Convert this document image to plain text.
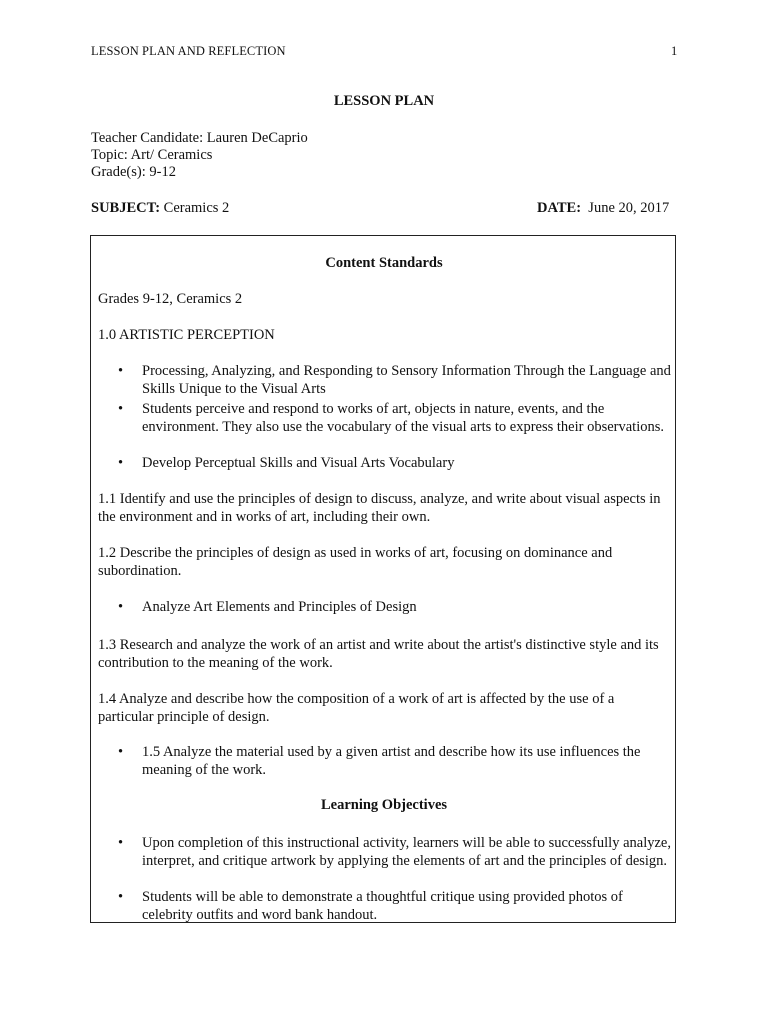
LESSON PLAN AND REFLECTION	1
LESSON PLAN
Teacher Candidate: Lauren DeCaprio
Topic: Art/ Ceramics
Grade(s): 9-12
SUBJECT: Ceramics 2	DATE:  June 20, 2017
Content Standards
Grades 9-12, Ceramics 2
1.0 ARTISTIC PERCEPTION
• Processing, Analyzing, and Responding to Sensory Information Through the Language and Skills Unique to the Visual Arts
• Students perceive and respond to works of art, objects in nature, events, and the environment. They also use the vocabulary of the visual arts to express their observations.
• Develop Perceptual Skills and Visual Arts Vocabulary
1.1 Identify and use the principles of design to discuss, analyze, and write about visual aspects in the environment and in works of art, including their own.
1.2 Describe the principles of design as used in works of art, focusing on dominance and subordination.
• Analyze Art Elements and Principles of Design
1.3 Research and analyze the work of an artist and write about the artist's distinctive style and its contribution to the meaning of the work.
1.4 Analyze and describe how the composition of a work of art is affected by the use of a particular principle of design.
• 1.5 Analyze the material used by a given artist and describe how its use influences the meaning of the work.
Learning Objectives
• Upon completion of this instructional activity, learners will be able to successfully analyze, interpret, and critique artwork by applying the elements of art and the principles of design.
• Students will be able to demonstrate a thoughtful critique using provided photos of celebrity outfits and word bank handout.
